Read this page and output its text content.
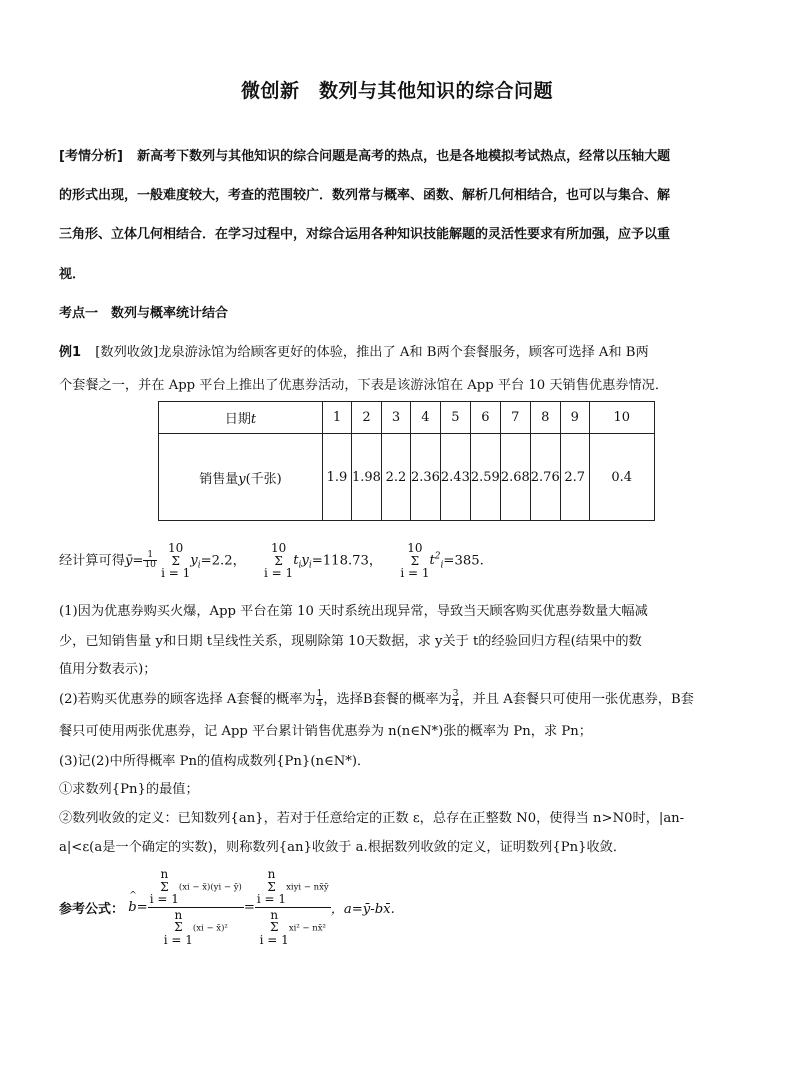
微创新　数列与其他知识的综合问题
[考情分析] 新高考下数列与其他知识的综合问题是高考的热点，也是各地模拟考试热点，经常以压轴大题
的形式出现，一般难度较大，考查的范围较广．数列常与概率、函数、解析几何相结合，也可以与集合、解
三角形、立体几何相结合．在学习过程中，对综合运用各种知识技能解题的灵活性要求有所加强，应予以重
视．
考点一　数列与概率统计结合
例1 [数列收敛]龙泉游泳馆为给顾客更好的体验，推出了 A和 B两个套餐服务，顾客可选择 A和 B两
个套餐之一，并在 App 平台上推出了优惠券活动，下表是该游泳馆在 App 平台 10 天销售优惠券情况．
日期t	1	2	3	4	5	6	7	8	9	10
销售量y(千张)	1.9	1.98	2.2	2.36	2.43	2.59	2.68	2.76	2.7	0.4
经计算可得ȳ= $\frac{1}{10}$

10
Σ
i = 1
$y_i=2.2$，
10
Σ
i = 1
$t_iy_i=118.73$，
10
Σ
i = 1
$t^2_i=385$.
(1)因为优惠券购买火爆，App 平台在第 10 天时系统出现异常，导致当天顾客购买优惠券数量大幅减
少，已知销售量 y和日期 t呈线性关系，现剔除第 10天数据，求 y关于 t的经验回归方程(结果中的数
值用分数表示)；
(2)若购买优惠券的顾客选择 A套餐的概率为 $\frac{1}{4}$ ，选择B套餐的概率为 $\frac{3}{4}$ ，并且 A套餐只可使用一张优惠券，B套
餐只可使用两张优惠券，记 App 平台累计销售优惠券为 n(n∈N*)张的概率为 Pn，求 Pn；
(3)记(2)中所得概率 Pn的值构成数列{Pn}(n∈N*)．
①求数列{Pn}的最值；
②数列收敛的定义：已知数列{an}，若对于任意给定的正数 ε，总存在正整数 N0，使得当 n>N0时，|an-
a|<ε(a是一个确定的实数)，则称数列{an}收敛于 a.根据数列收敛的定义，证明数列{Pn}收敛．
参考公式： ^ b=
n
Σ
i = 1
(xi − x̄)(yi − ȳ)
n
Σ
i = 1
(xi − x̄)²
=
n
Σ
i = 1
xiyi − nx̄ȳ
n
Σ
i = 1
xi² − nx̄²
，a=ȳ-bx̄.
